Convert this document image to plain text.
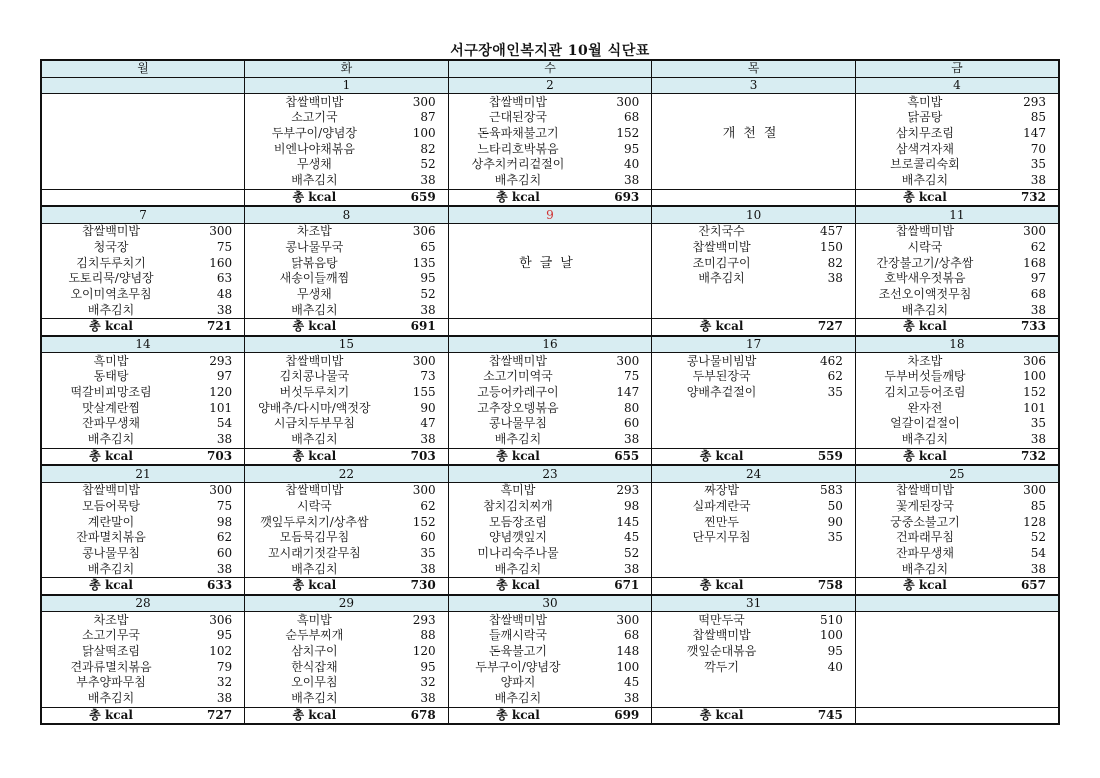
서구장애인복지관 10월 식단표
월	화	수	목	금
	1	2	3	4

	찹쌀백미밥 300	찹쌀백미밥 300		흑미밥 293

	소고기국 87	근대된장국 68		닭곰탕 85

	두부구이/양념장 100	돈육파채불고기 152	개천절	삼치무조림 147

	비엔나야채볶음 82	느타리호박볶음 95		삼색겨자채 70

	무생채 52	상추치커리겉절이 40		브로콜리숙회 35

	배추김치 38	배추김치 38		배추김치 38

	총 kcal 659	총 kcal 693		총 kcal 732

7	8	9	10	11

찹쌀백미밥 300	차조밥 306		잔치국수 457	찹쌀백미밥 300

청국장 75	콩나물무국 65		찹쌀백미밥 150	시락국 62

김치두루치기 160	닭볶음탕 135	한글날	조미김구이 82	간장불고기/상추쌈 168

도토리묵/양념장 63	새송이들깨찜 95		배추김치 38	호박새우젓볶음 97

오이미역초무침 48	무생채 52			조선오이액젓무침 68

배추김치 38	배추김치 38			배추김치 38

총 kcal 721	총 kcal 691		총 kcal 727	총 kcal 733

14	15	16	17	18

흑미밥 293	찹쌀백미밥 300	찹쌀백미밥 300	콩나물비빔밥 462	차조밥 306

동태탕 97	김치콩나물국 73	소고기미역국 75	두부된장국 62	두부버섯들깨탕 100

떡갈비피망조림 120	버섯두루치기 155	고등어카레구이 147	양배추겉절이 35	김치고등어조림 152

맛살계란찜 101	양배추/다시마/액젓장 90	고추장오뎅볶음 80		완자전 101

잔파무생채 54	시금치두부무침 47	콩나물무침 60		얼갈이겉절이 35

배추김치 38	배추김치 38	배추김치 38		배추김치 38

총 kcal 703	총 kcal 703	총 kcal 655	총 kcal 559	총 kcal 732

21	22	23	24	25

찹쌀백미밥 300	찹쌀백미밥 300	흑미밥 293	짜장밥 583	찹쌀백미밥 300

모듬어묵탕 75	시락국 62	참치김치찌개 98	실파계란국 50	꽃게된장국 85

계란말이 98	깻잎두루치기/상추쌈 152	모듬장조림 145	찐만두 90	궁중소불고기 128

잔파멸치볶음 62	모듬묵김무침 60	양념깻잎지 45	단무지무침 35	건파래무침 52

콩나물무침 60	꼬시래기젓갈무침 35	미나리숙주나물 52		잔파무생채 54

배추김치 38	배추김치 38	배추김치 38		배추김치 38

총 kcal 633	총 kcal 730	총 kcal 671	총 kcal 758	총 kcal 657

28	29	30	31	

차조밥 306	흑미밥 293	찹쌀백미밥 300	떡만두국 510	

소고기무국 95	순두부찌개 88	들깨시락국 68	찹쌀백미밥 100	

닭살떡조림 102	삼치구이 120	돈육불고기 148	깻잎순대볶음 95	

견과류멸치볶음 79	한식잡채 95	두부구이/양념장 100	깍두기 40	

부추양파무침 32	오이무침 32	양파지 45		

배추김치 38	배추김치 38	배추김치 38		

총 kcal 727	총 kcal 678	총 kcal 699	총 kcal 745	
